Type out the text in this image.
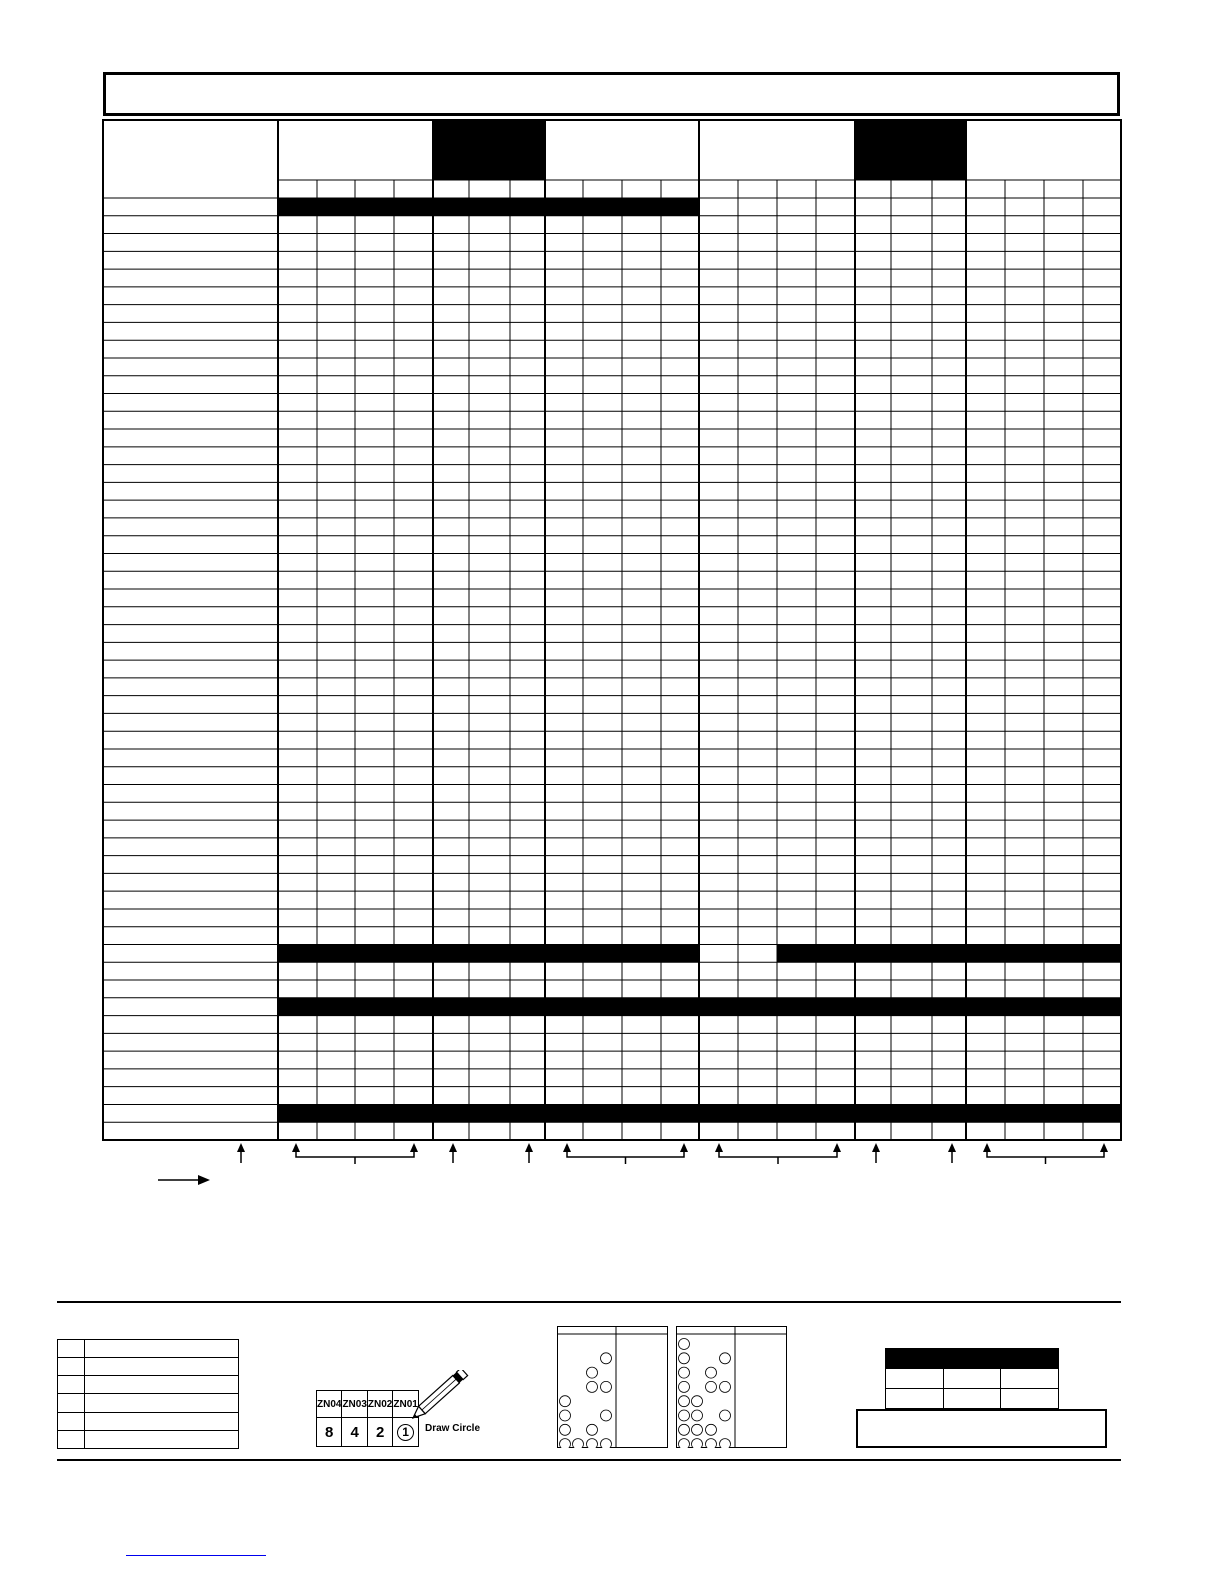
ZN04	ZN03	ZN02	ZN01
8	4	2	1 Draw Circle
